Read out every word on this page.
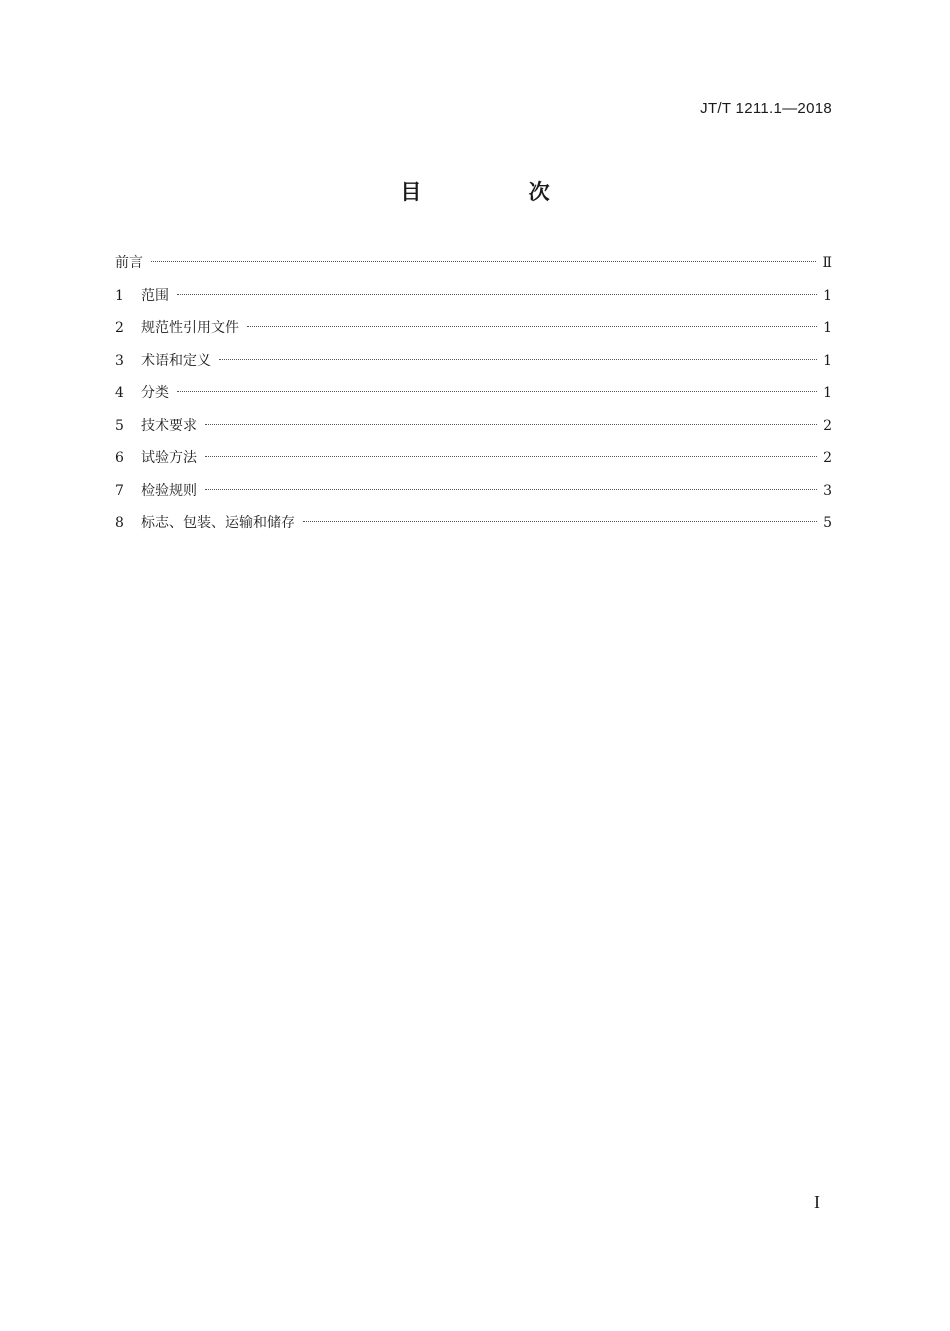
JT/T 1211.1—2018
目 次
前言	Ⅱ
1	范围	1
2	规范性引用文件	1
3	术语和定义	1
4	分类	1
5	技术要求	2
6	试验方法	2
7	检验规则	3
8	标志、包装、运输和储存	5
I
